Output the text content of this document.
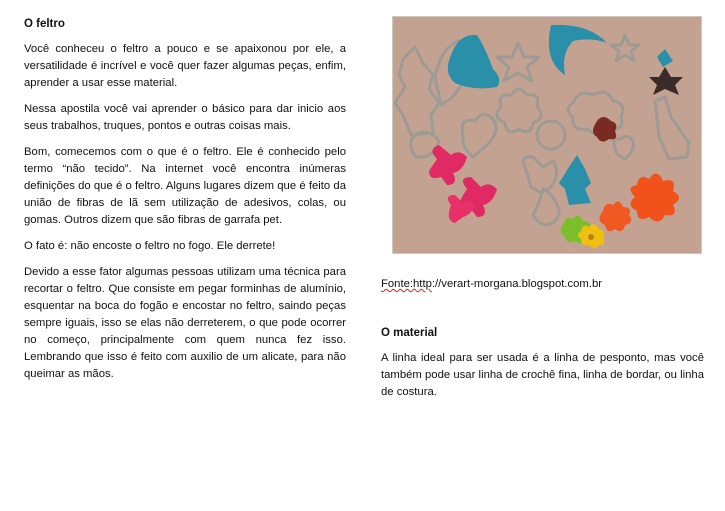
O feltro

Você conheceu o feltro a pouco e se apaixonou por ele, a versatilidade é incrível e você quer fazer algumas peças, enfim, aprender a usar esse material.

Nessa apostila você vai aprender o básico para dar inicio aos seus trabalhos, truques, pontos e outras coisas mais.

Bom, comecemos com o que é o feltro. Ele é conhecido pelo termo “não tecido”. Na internet você encontra inúmeras definições do que é o feltro. Alguns lugares dizem que é feito da união de fibras de lã sem utilização de adesivos, colas, ou gomas. Outros dizem que são fibras de garrafa pet.

O fato é: não encoste o feltro no fogo. Ele derrete!

Devido a esse fator algumas pessoas utilizam uma técnica para recortar o feltro. Que consiste em pegar forminhas de alumínio, esquentar na boca do fogão e encostar no feltro, saindo peças sempre iguais, isso se elas não derreterem, o que pode ocorrer no começo, principalmente com quem nunca fez isso. Lembrando que isso é feito com auxilio de um alicate, para não queimar as mãos.

Fonte:http://verart-morgana.blogspot.com.br
O material

A linha ideal para ser usada é a linha de pesponto, mas você também pode usar linha de crochê fina, linha de bordar, ou linha de costura.
